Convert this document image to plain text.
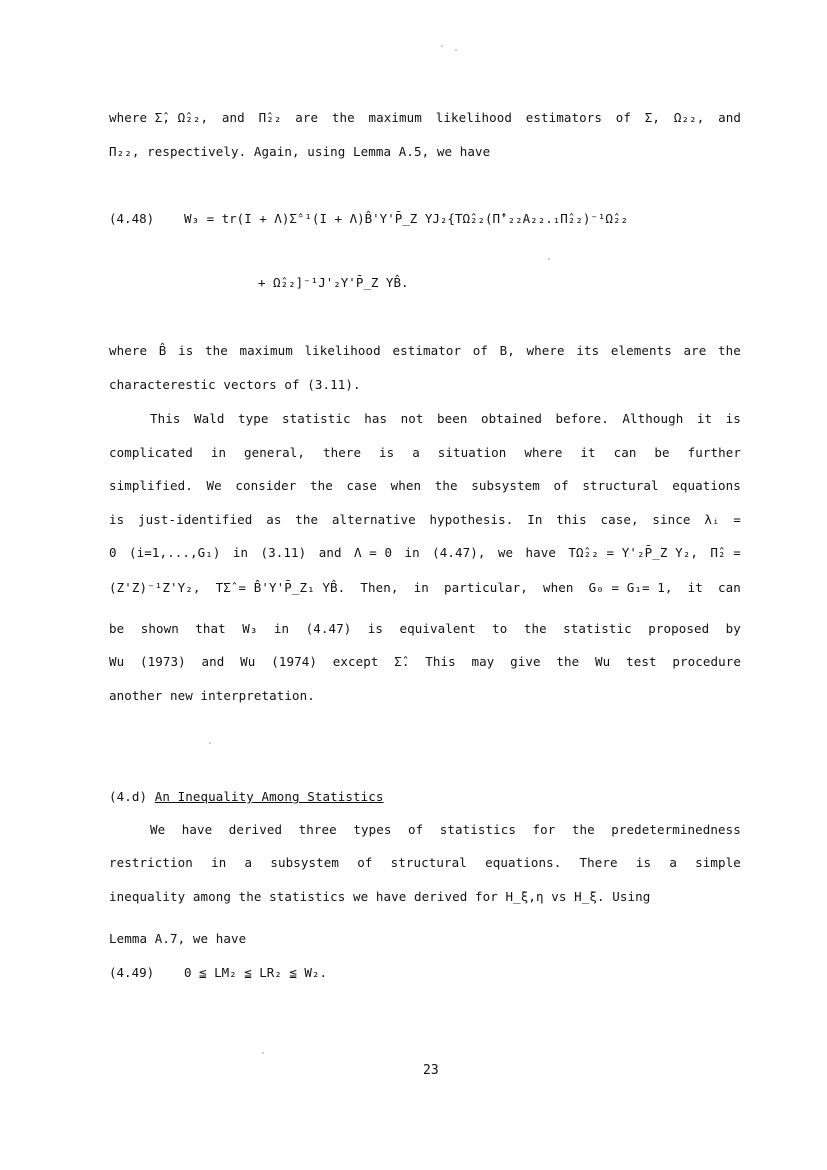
where Σ̂, Ω̂₂₂, and Π̂₂₂ are the maximum likelihood estimators of Σ, Ω₂₂, and
Π₂₂, respectively. Again, using Lemma A.5, we have
(4.48) W₃ = tr(I + Λ)Σ̂⁻¹(I + Λ)B̂'Y'P̄_Z YJ₂{TΩ̂₂₂(Π̂'₂₂A₂₂.₁Π̂₂₂)⁻¹Ω̂₂₂
+ Ω̂₂₂]⁻¹J'₂Y'P̄_Z YB̂.
where B̂ is the maximum likelihood estimator of B, where its elements are the
characterestic vectors of (3.11).
This Wald type statistic has not been obtained before. Although it is
complicated in general, there is a situation where it can be further
simplified. We consider the case when the subsystem of structural equations
is just-identified as the alternative hypothesis. In this case, since λᵢ =
0 (i=1,...,G₁) in (3.11) and Λ = 0 in (4.47), we have TΩ̂₂₂ = Y'₂P̄_Z Y₂, Π̂₂ =
(Z'Z)⁻¹Z'Y₂, TΣ̂ = B̂'Y'P̄_Z₁ YB̂. Then, in particular, when G₀ = G₁= 1, it can
be shown that W₃ in (4.47) is equivalent to the statistic proposed by
Wu (1973) and Wu (1974) except Σ̂. This may give the Wu test procedure
another new interpretation.
(4.d) An Inequality Among Statistics
We have derived three types of statistics for the predeterminedness
restriction in a subsystem of structural equations. There is a simple
inequality among the statistics we have derived for H_ξ,η vs H_ξ. Using
Lemma A.7, we have
(4.49) 0 ≦ LM₂ ≦ LR₂ ≦ W₂.
23
